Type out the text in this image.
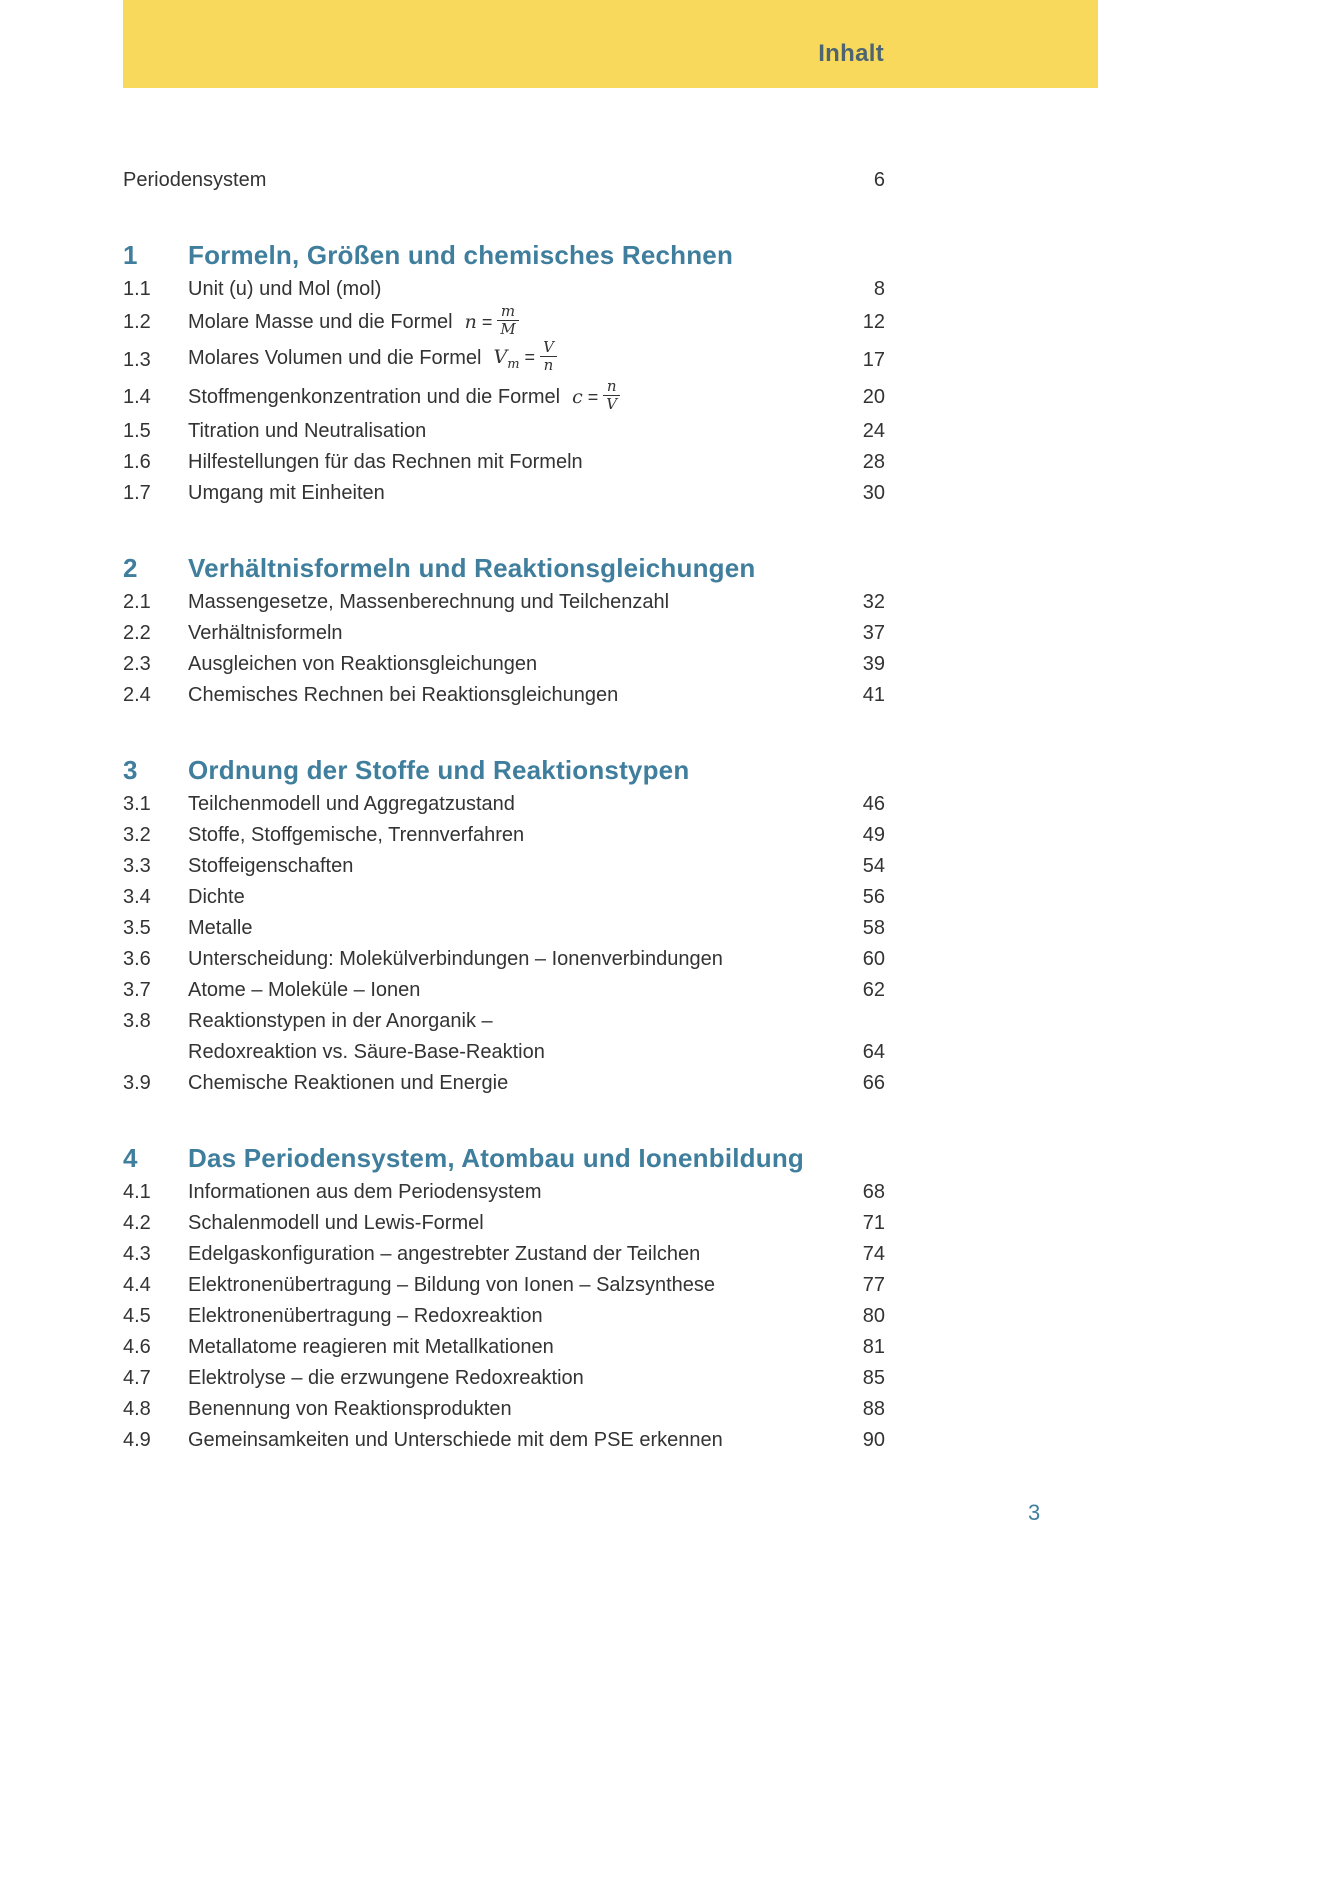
Inhalt
Periodensystem	6
1	Formeln, Größen und chemisches Rechnen
1.1	Unit (u) und Mol (mol)	8
1.2	Molare Masse und die Formel $n = \frac{m}{M}$	12
1.3	Molares Volumen und die Formel $V_m = \frac{V}{n}$	17
1.4	Stoffmengenkonzentration und die Formel $c = \frac{n}{V}$	20
1.5	Titration und Neutralisation	24
1.6	Hilfestellungen für das Rechnen mit Formeln	28
1.7	Umgang mit Einheiten	30
2	Verhältnisformeln und Reaktionsgleichungen
2.1	Massengesetze, Massenberechnung und Teilchenzahl	32
2.2	Verhältnisformeln	37
2.3	Ausgleichen von Reaktionsgleichungen	39
2.4	Chemisches Rechnen bei Reaktionsgleichungen	41
3	Ordnung der Stoffe und Reaktionstypen
3.1	Teilchenmodell und Aggregatzustand	46
3.2	Stoffe, Stoffgemische, Trennverfahren	49
3.3	Stoffeigenschaften	54
3.4	Dichte	56
3.5	Metalle	58
3.6	Unterscheidung: Molekülverbindungen – Ionenverbindungen	60
3.7	Atome – Moleküle – Ionen	62
3.8	Reaktionstypen in der Anorganik –
Redoxreaktion vs. Säure-Base-Reaktion	64
3.9	Chemische Reaktionen und Energie	66
4	Das Periodensystem, Atombau und Ionenbildung
4.1	Informationen aus dem Periodensystem	68
4.2	Schalenmodell und Lewis-Formel	71
4.3	Edelgaskonfiguration – angestrebter Zustand der Teilchen	74
4.4	Elektronenübertragung – Bildung von Ionen – Salzsynthese	77
4.5	Elektronenübertragung – Redoxreaktion	80
4.6	Metallatome reagieren mit Metallkationen	81
4.7	Elektrolyse – die erzwungene Redoxreaktion	85
4.8	Benennung von Reaktionsprodukten	88
4.9	Gemeinsamkeiten und Unterschiede mit dem PSE erkennen	90
3
